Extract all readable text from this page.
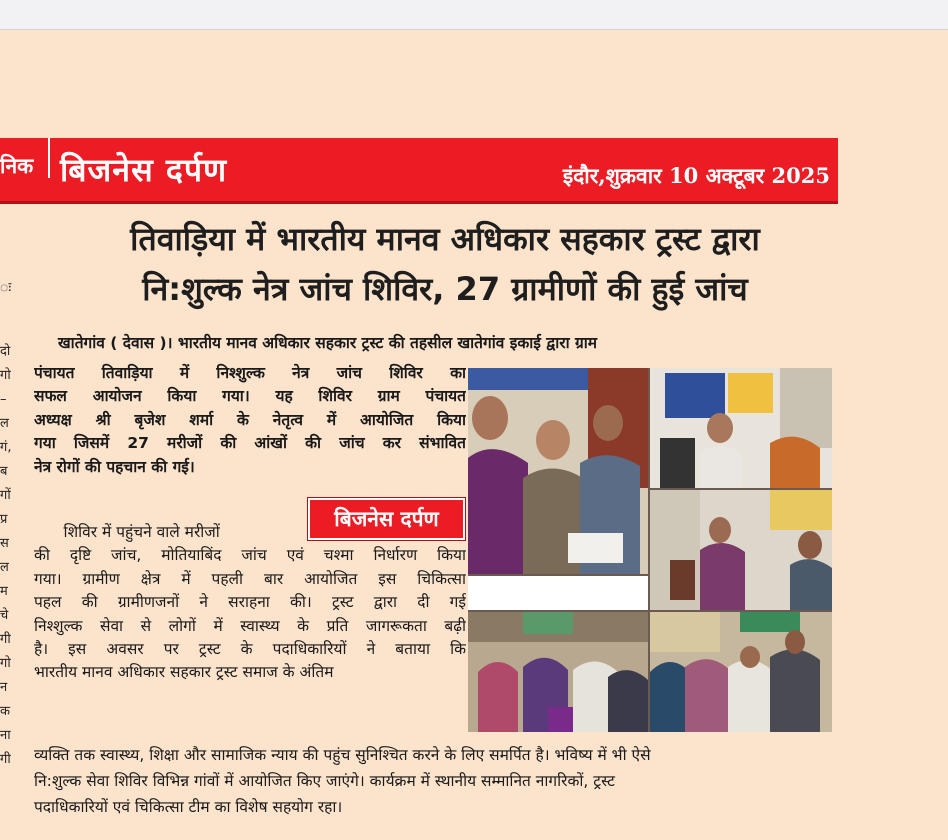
ः
दो
गो
–
ल
गं,
ब
गों
प्र
स
ल
म
चे
गी
गो
न
क
ना
गी
निक बिजनेस दर्पण	इंदौर,शुक्रवार 10 अक्टूबर 2025
तिवाड़िया में भारतीय मानव अधिकार सहकार ट्रस्ट द्वारा
नि:शुल्क नेत्र जांच शिविर, 27 ग्रामीणों की हुई जांच
खातेगांव ( देवास )। भारतीय मानव अधिकार सहकार ट्रस्ट की तहसील खातेगांव इकाई द्वारा ग्राम
पंचायत तिवाड़िया में निश्शुल्क नेत्र जांच शिविर का
सफल आयोजन किया गया। यह शिविर ग्राम पंचायत
अध्यक्ष श्री बृजेश शर्मा के नेतृत्व में आयोजित किया
गया जिसमें 27 मरीजों की आंखों की जांच कर संभावित
नेत्र रोगों की पहचान की गई।
बिजनेस दर्पण
शिविर में पहुंचने वाले मरीजों
की दृष्टि जांच, मोतियाबिंद जांच एवं चश्मा निर्धारण किया
गया। ग्रामीण क्षेत्र में पहली बार आयोजित इस चिकित्सा
पहल की ग्रामीणजनों ने सराहना की। ट्रस्ट द्वारा दी गई
निश्शुल्क सेवा से लोगों में स्वास्थ्य के प्रति जागरूकता बढ़ी
है। इस अवसर पर ट्रस्ट के पदाधिकारियों ने बताया कि
भारतीय मानव अधिकार सहकार ट्रस्ट समाज के अंतिम
व्यक्ति तक स्वास्थ्य, शिक्षा और सामाजिक न्याय की पहुंच सुनिश्चित करने के लिए समर्पित है। भविष्य में भी ऐसे
नि:शुल्क सेवा शिविर विभिन्न गांवों में आयोजित किए जाएंगे। कार्यक्रम में स्थानीय सम्मानित नागरिकों, ट्रस्ट
पदाधिकारियों एवं चिकित्सा टीम का विशेष सहयोग रहा।
